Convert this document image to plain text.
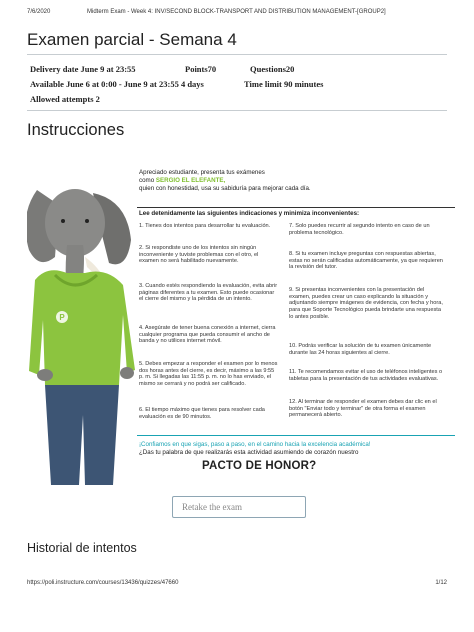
7/6/2020	Midterm Exam - Week 4: INV/SECOND BLOCK-TRANSPORT AND DISTRIBUTION MANAGEMENT-[GROUP2]
Examen parcial - Semana 4
Delivery date June 9 at 23:55	Points70	Questions20
Available June 6 at 0:00 - June 9 at 23:55 4 days	Time limit 90 minutes
Allowed attempts 2
Instrucciones
P
Apreciado estudiante, presenta tus exámenes
como SERGIO EL ELEFANTE,
quien con honestidad, usa su sabiduría para mejorar cada día.
Lee detenidamente las siguientes indicaciones y minimiza inconvenientes:
1. Tienes dos intentos para desarrollar tu evaluación.
2. Si respondiste uno de los intentos sin ningún inconveniente y tuviste problemas con el otro, el examen no será habilitado nuevamente.
3. Cuando estés respondiendo la evaluación, evita abrir páginas diferentes a tu examen. Esto puede ocasionar el cierre del mismo y la pérdida de un intento.
4. Asegúrate de tener buena conexión a internet, cierra cualquier programa que pueda consumir el ancho de banda y no utilices internet móvil.
5. Debes empezar a responder el examen por lo menos dos horas antes del cierre, es decir, máximo a las 9:55 p. m. Si llegadas las 11:55 p. m. no lo has enviado, el mismo se cerrará y no podrá ser calificado.
6. El tiempo máximo que tienes para resolver cada evaluación es de 90 minutos.
7. Solo puedes recurrir al segundo intento en caso de un problema tecnológico.
8. Si tu examen incluye preguntas con respuestas abiertas, estas no serán calificadas automáticamente, ya que requieren la revisión del tutor.
9. Si presentas inconvenientes con la presentación del examen, puedes crear un caso explicando la situación y adjuntando siempre imágenes de evidencia, con fecha y hora, para que Soporte Tecnológico pueda brindarte una respuesta lo antes posible.
10. Podrás verificar la solución de tu examen únicamente durante las 24 horas siguientes al cierre.
11. Te recomendamos evitar el uso de teléfonos inteligentes o tabletas para la presentación de tus actividades evaluativas.
12. Al terminar de responder el examen debes dar clic en el botón "Enviar todo y terminar" de otra forma el examen permanecerá abierto.
¡Confiamos en que sigas, paso a paso, en el camino hacia la excelencia académica!
¿Das tu palabra de que realizarás esta actividad asumiendo de corazón nuestro
PACTO DE HONOR?
Retake the exam
Historial de intentos
https://poli.instructure.com/courses/13436/quizzes/47660	1/12
